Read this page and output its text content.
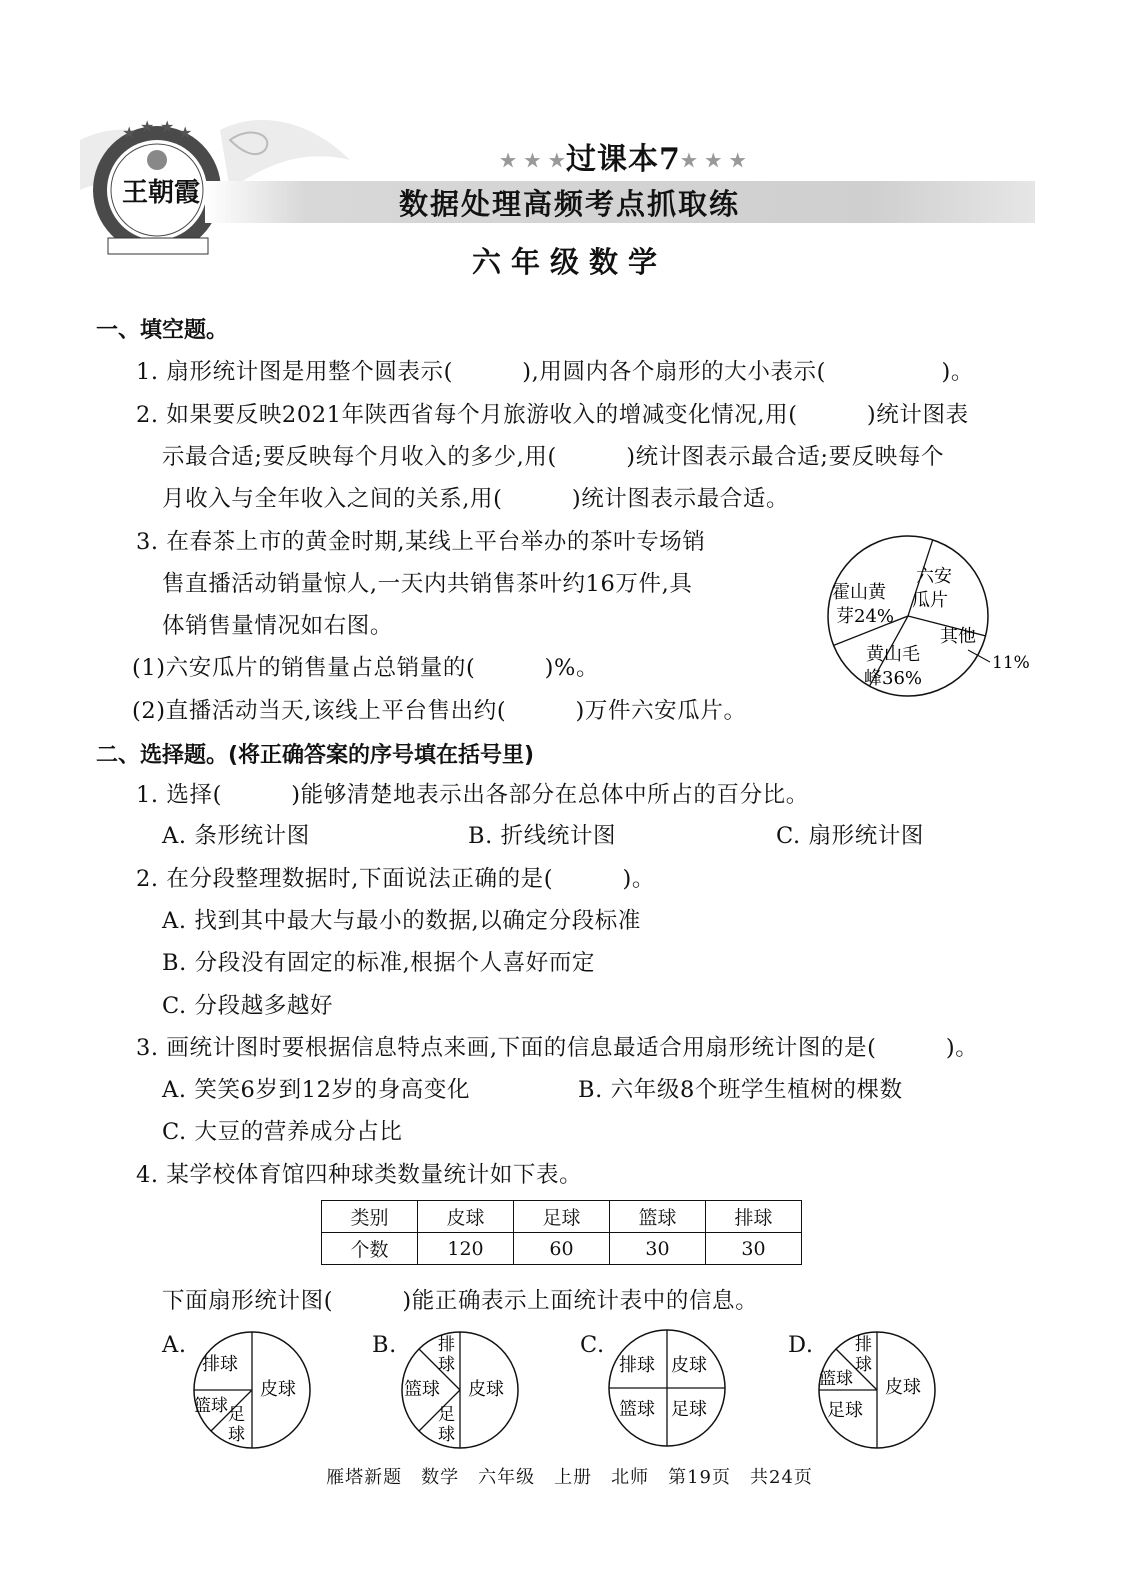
★ ★ ★ ★
王朝霞
★ ★ ★过课本7★ ★ ★
数据处理高频考点抓取练
六年级数学
一、填空题。
1. 扇形统计图是用整个圆表示(　　　),用圆内各个扇形的大小表示(　　　　　)。
2. 如果要反映2021年陕西省每个月旅游收入的增减变化情况,用(　　　)统计图表
示最合适;要反映每个月收入的多少,用(　　　)统计图表示最合适;要反映每个
月收入与全年收入之间的关系,用(　　　)统计图表示最合适。
3. 在春茶上市的黄金时期,某线上平台举办的茶叶专场销
售直播活动销量惊人,一天内共销售茶叶约16万件,具
体销售量情况如右图。
(1)六安瓜片的销售量占总销量的(　　　)%。
(2)直播活动当天,该线上平台售出约(　　　)万件六安瓜片。
霍山黄
芽24%
六安
瓜片
其他
黄山毛
峰36%
11%
二、选择题。(将正确答案的序号填在括号里)
1. 选择(　　　)能够清楚地表示出各部分在总体中所占的百分比。
A. 条形统计图	B. 折线统计图	C. 扇形统计图
2. 在分段整理数据时,下面说法正确的是(　　　)。
A. 找到其中最大与最小的数据,以确定分段标准
B. 分段没有固定的标准,根据个人喜好而定
C. 分段越多越好
3. 画统计图时要根据信息特点来画,下面的信息最适合用扇形统计图的是(　　　)。
A. 笑笑6岁到12岁的身高变化	B. 六年级8个班学生植树的棵数
C. 大豆的营养成分占比
4. 某学校体育馆四种球类数量统计如下表。
类别	皮球	足球	篮球	排球
个数	120	60	30	30
下面扇形统计图(　　　)能正确表示上面统计表中的信息。
A.
皮球
排球
篮球 足
球
B.
皮球
排
球
篮球
足
球
C.
排球 皮球
篮球 足球
D.
皮球
排
球
篮球
足球
雁塔新题　数学　六年级　上册　北师　第19页　共24页
